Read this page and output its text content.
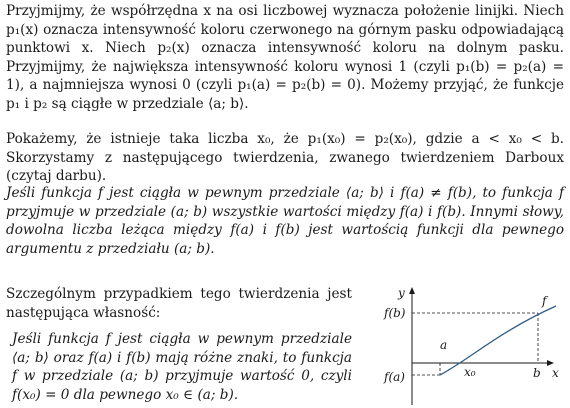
Przyjmijmy, że współrzędna x na osi liczbowej wyznacza położenie linijki. Niech p₁(x) oznacza intensywność koloru czerwonego na górnym pasku odpowiadającą punktowi x. Niech p₂(x) oznacza intensywność koloru na dolnym pasku. Przyjmijmy, że największa intensywność koloru wynosi 1 (czyli p₁(b) = p₂(a) = 1), a najmniejsza wynosi 0 (czyli p₁(a) = p₂(b) = 0). Możemy przyjąć, że funkcje p₁ i p₂ są ciągłe w przedziale ⟨a; b⟩.

Pokażemy, że istnieje taka liczba x₀, że p₁(x₀) = p₂(x₀), gdzie a < x₀ < b. Skorzystamy z następującego twierdzenia, zwanego twierdzeniem Darboux (czytaj darbu).

Jeśli funkcja f jest ciągła w pewnym przedziale ⟨a; b⟩ i f(a) ≠ f(b), to funkcja f przyjmuje w przedziale (a; b) wszystkie wartości między f(a) i f(b). Innymi słowy, dowolna liczba leżąca między f(a) i f(b) jest wartością funkcji dla pewnego argumentu z przedziału (a; b).

Szczególnym przypadkiem tego twierdzenia jest następująca własność:

Jeśli funkcja f jest ciągła w pewnym przedziale ⟨a; b⟩ oraz f(a) i f(b) mają różne znaki, to funkcja f w przedziale (a; b) przyjmuje wartość 0, czyli f(x₀) = 0 dla pewnego x₀ ∈ (a; b).

y
f(b)
f(a)
a
x₀	b x
f
